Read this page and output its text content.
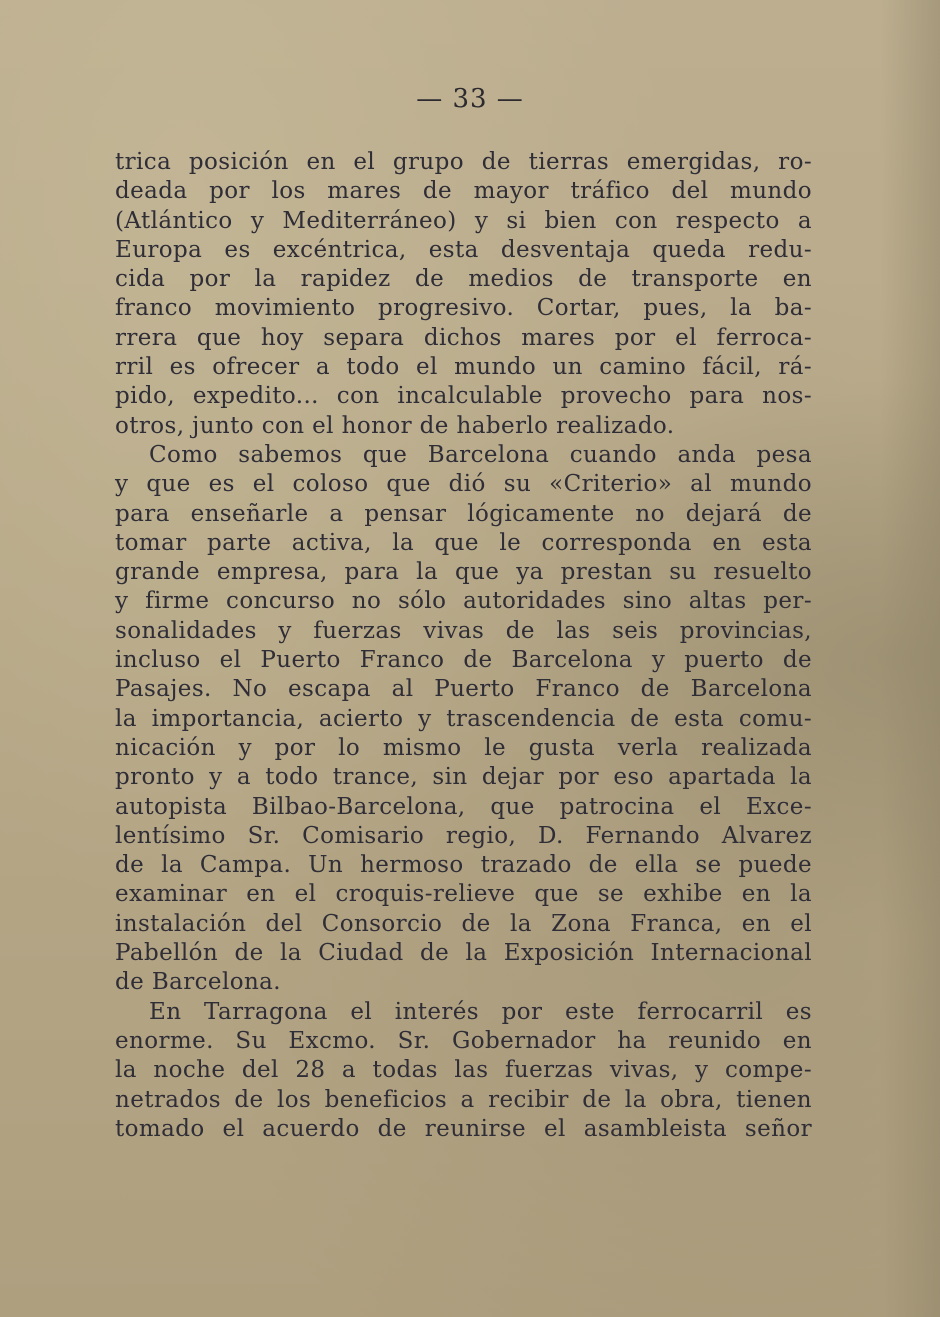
— 33 —
trica posición en el grupo de tierras emergidas, ro-
deada por los mares de mayor tráfico del mundo
(Atlántico y Mediterráneo) y si bien con respecto a
Europa es excéntrica, esta desventaja queda redu-
cida por la rapidez de medios de transporte en
franco movimiento progresivo. Cortar, pues, la ba-
rrera que hoy separa dichos mares por el ferroca-
rril es ofrecer a todo el mundo un camino fácil, rá-
pido, expedito... con incalculable provecho para nos-
otros, junto con el honor de haberlo realizado.
Como sabemos que Barcelona cuando anda pesa
y que es el coloso que dió su «Criterio» al mundo
para enseñarle a pensar lógicamente no dejará de
tomar parte activa, la que le corresponda en esta
grande empresa, para la que ya prestan su resuelto
y firme concurso no sólo autoridades sino altas per-
sonalidades y fuerzas vivas de las seis provincias,
incluso el Puerto Franco de Barcelona y puerto de
Pasajes. No escapa al Puerto Franco de Barcelona
la importancia, acierto y trascendencia de esta comu-
nicación y por lo mismo le gusta verla realizada
pronto y a todo trance, sin dejar por eso apartada la
autopista Bilbao-Barcelona, que patrocina el Exce-
lentísimo Sr. Comisario regio, D. Fernando Alvarez
de la Campa. Un hermoso trazado de ella se puede
examinar en el croquis-relieve que se exhibe en la
instalación del Consorcio de la Zona Franca, en el
Pabellón de la Ciudad de la Exposición Internacional
de Barcelona.
En Tarragona el interés por este ferrocarril es
enorme. Su Excmo. Sr. Gobernador ha reunido en
la noche del 28 a todas las fuerzas vivas, y compe-
netrados de los beneficios a recibir de la obra, tienen
tomado el acuerdo de reunirse el asambleista señor
